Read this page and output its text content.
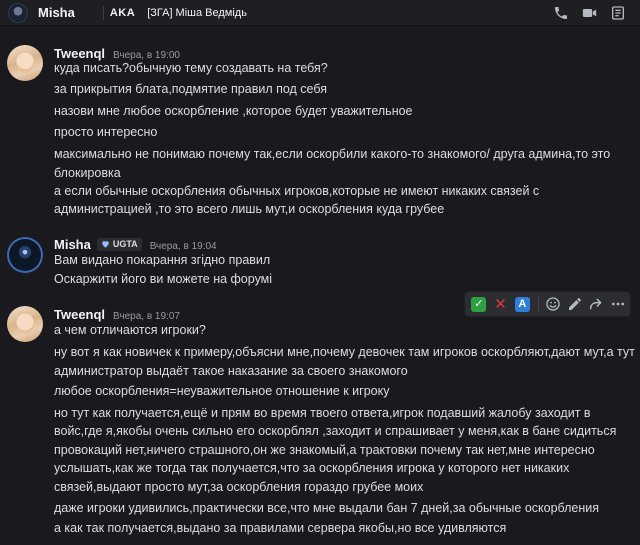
Misha	AKA [ЗГА] Міша Ведмідь
Tweenql Вчера, в 19:00
куда писать?обычную тему создавать на тебя?
за прикрытия блата,подмятие правил под себя
назови мне любое оскорбление ,которое будет уважительное
просто интересно
максимально не понимаю почему так,если оскорбили какого-то знакомого/ друга админа,то это
блокировка
а если обычные оскорбления обычных игроков,которые не имеют никаких связей с
администрацией ,то это всего лишь мут,и оскорбления куда грубее
Misha UGTA Вчера, в 19:04
Вам видано покарання згідно правил
Оскаржити його ви можете на форумі
Tweenql Вчера, в 19:07
а чем отличаются игроки?
ну вот я как новичек к примеру,объясни мне,почему девочек там игроков оскорбляют,дают мут,а тут
администратор выдаёт такое наказание за своего знакомого
любое оскорбления=неуважительное отношение к игроку
но тут как получается,ещё и прям во время твоего ответа,игрок подавший жалобу заходит в
войс,где я,якобы очень сильно его оскорблял ,заходит и спрашивает у меня,как в бане сидиться
провокаций нет,ничего страшного,он же знакомый,а трактовки почему так нет,мне интересно
услышать,как же тогда так получается,что за оскорбления игрока у которого нет никаких
связей,выдают просто мут,за оскорбления гораздо грубее моих
даже игроки удивились,практически все,что мне выдали бан 7 дней,за обычные оскорбления
а как так получается,выдано за правилами сервера якобы,но все удивляются
✓ ✕	A
